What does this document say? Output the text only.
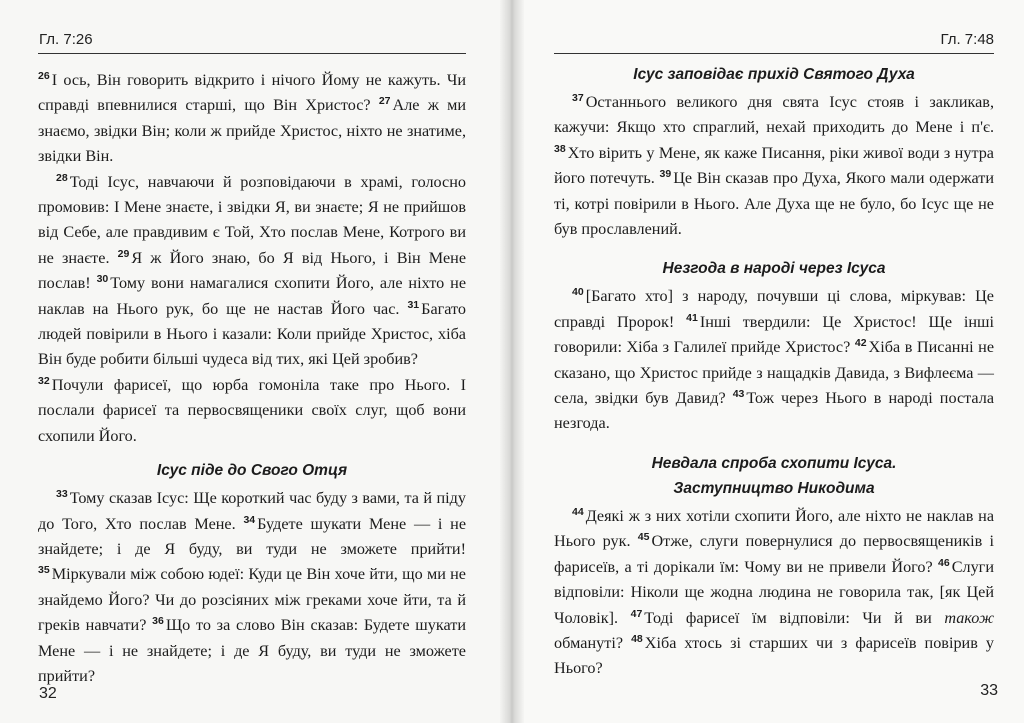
Гл. 7:26

$^{26}$ І ось, Він говорить відкрито і нічого Йому не кажуть. Чи справді впевнилися старші, що Він Христос? $^{27}$ Але ж ми знаємо, звідки Він; коли ж прийде Христос, ніхто не знатиме, звідки Він.

$^{28}$ Тоді Ісус, навчаючи й розповідаючи в храмі, голосно промовив: І Мене знаєте, і звідки Я, ви знаєте; Я не прийшов від Себе, але правдивим є Той, Хто послав Мене, Котрого ви не знаєте. $^{29}$ Я ж Його знаю, бо Я від Нього, і Він Мене послав! $^{30}$ Тому вони намагалися схопити Його, але ніхто не наклав на Нього рук, бо ще не настав Його час. $^{31}$ Багато людей повірили в Нього і казали: Коли прийде Христос, хіба Він буде робити більші чудеса від тих, які Цей зробив?

$^{32}$ Почули фарисеї, що юрба гомоніла таке про Нього. І послали фарисеї та первосвященики своїх слуг, щоб вони схопили Його.

Ісус піде до Свого Отця

$^{33}$ Тому сказав Ісус: Ще короткий час буду з вами, та й піду до Того, Хто послав Мене. $^{34}$ Будете шукати Мене — і не знайдете; і де Я буду, ви туди не зможете прийти! $^{35}$ Міркували між собою юдеї: Куди це Він хоче йти, що ми не знайдемо Його? Чи до розсіяних між греками хоче йти, та й греків навчати? $^{36}$ Що то за слово Він сказав: Будете шукати Мене — і не знайдете; і де Я буду, ви туди не зможете прийти?

32
Гл. 7:48
Ісус заповідає прихід Святого Духа

$^{37}$ Останнього великого дня свята Ісус стояв і закликав, кажучи: Якщо хто спраглий, нехай приходить до Мене і п'є. $^{38}$ Хто вірить у Мене, як каже Писання, ріки живої води з нутра його потечуть. $^{39}$ Це Він сказав про Духа, Якого мали одержати ті, котрі повірили в Нього. Але Духа ще не було, бо Ісус ще не був прославлений.

Незгода в народі через Ісуса

$^{40}$ [Багато хто] з народу, почувши ці слова, міркував: Це справді Пророк! $^{41}$ Інші твердили: Це Христос! Ще інші говорили: Хіба з Галилеї прийде Христос? $^{42}$ Хіба в Писанні не сказано, що Христос прийде з нащадків Давида, з Вифлеєма — села, звідки був Давид? $^{43}$ Тож через Нього в народі постала незгода.

Невдала спроба схопити Ісуса.
Заступництво Никодима

$^{44}$ Деякі ж з них хотіли схопити Його, але ніхто не наклав на Нього рук. $^{45}$ Отже, слуги повернулися до первосвящеників і фарисеїв, а ті дорікали їм: Чому ви не привели Його? $^{46}$ Слуги відповіли: Ніколи ще жодна людина не говорила так, [як Цей Чоловік]. $^{47}$ Тоді фарисеї їм відповіли: Чи й ви також обмануті? $^{48}$ Хіба хтось зі старших чи з фарисеїв повірив у Нього?

33
